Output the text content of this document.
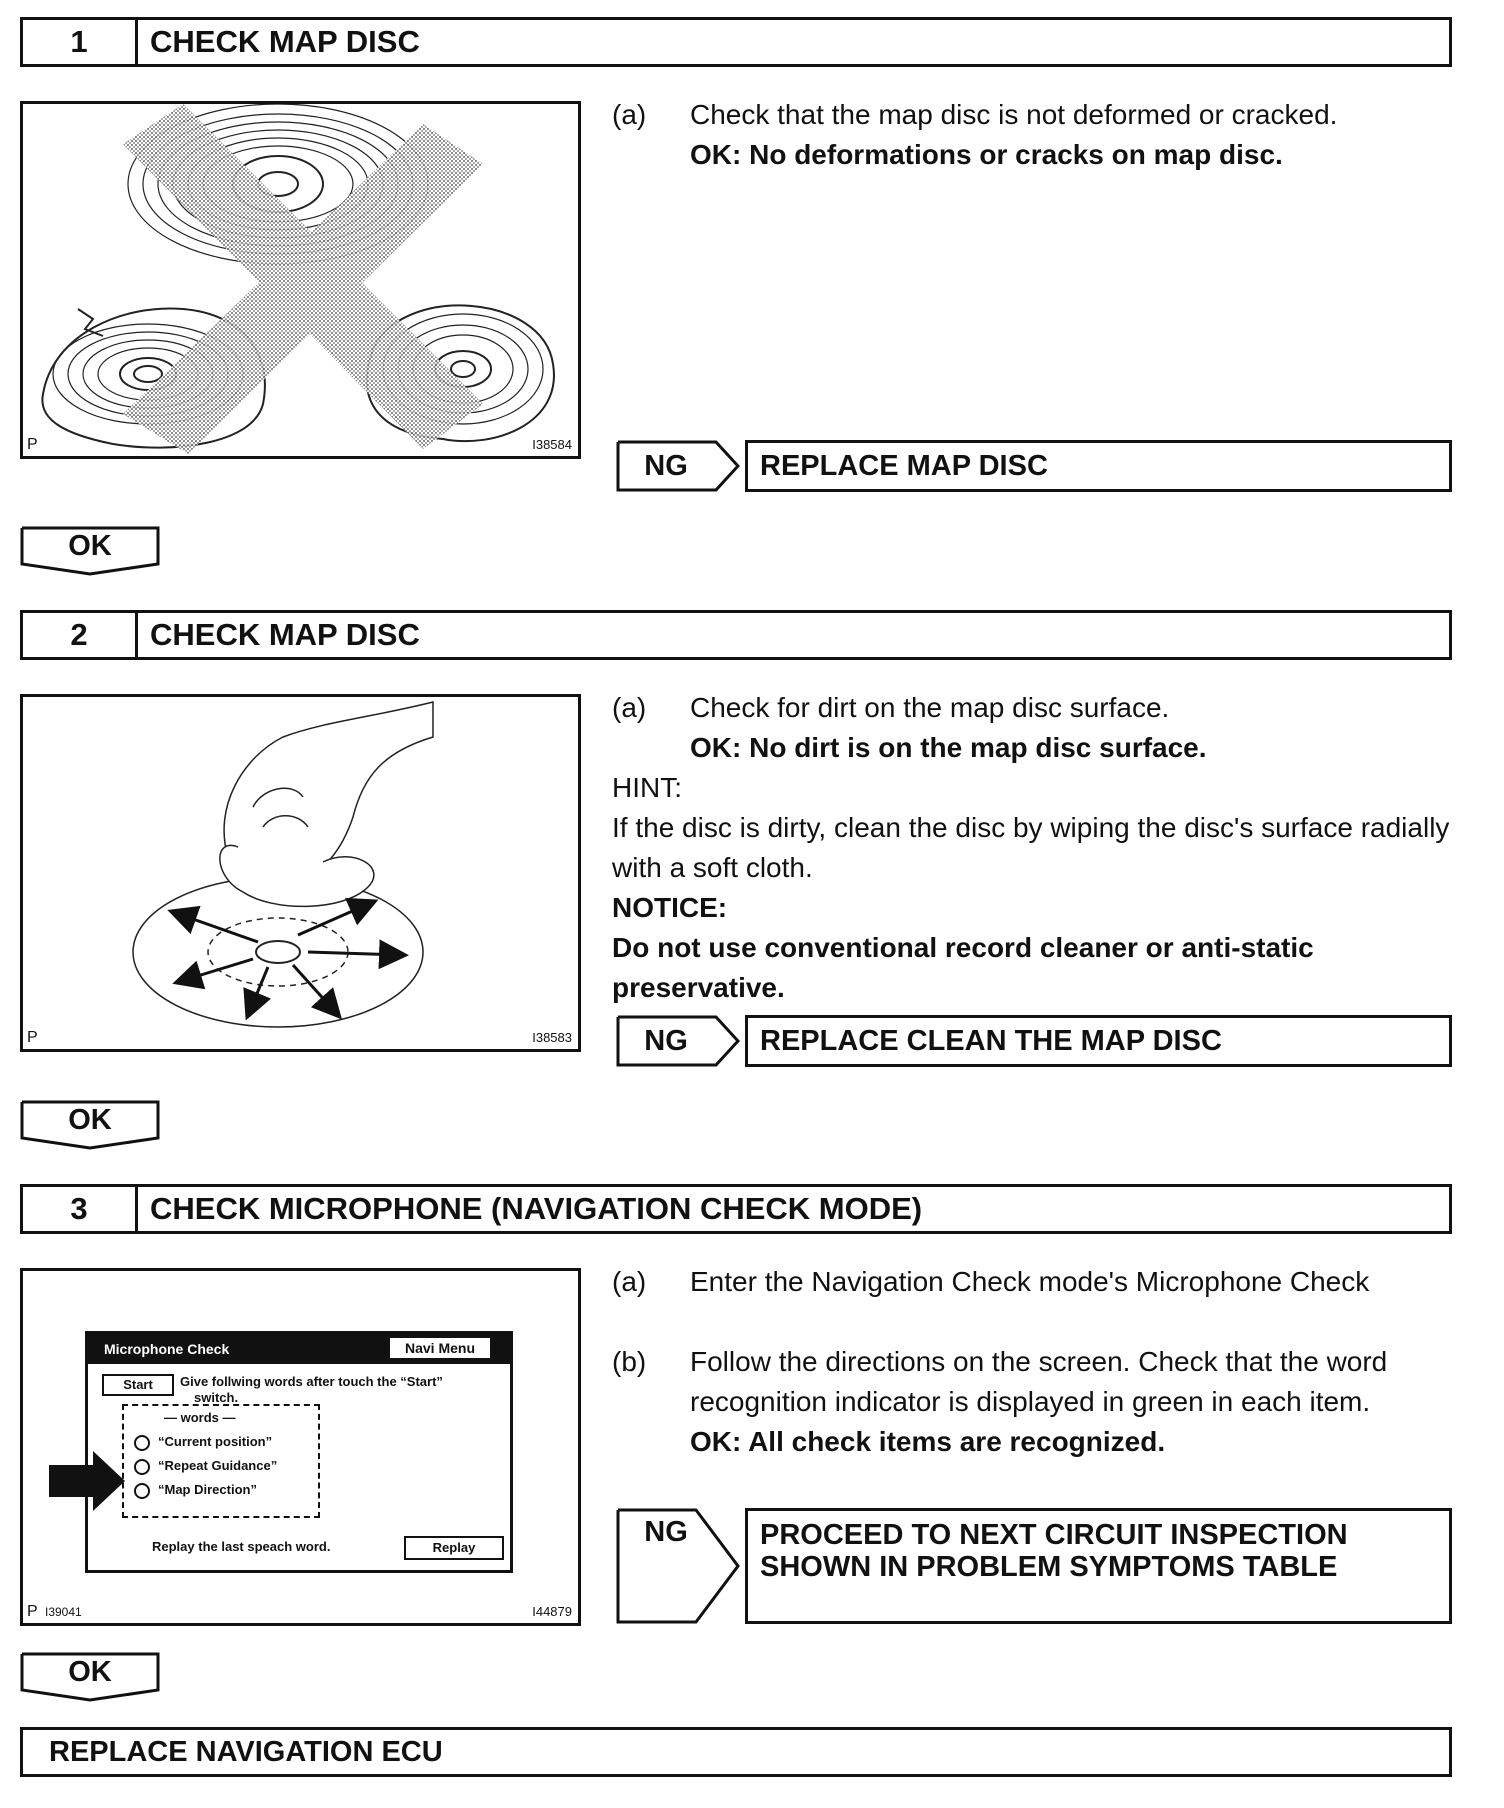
1	CHECK MAP DISC
P	I38584
(a)	Check that the map disc is not deformed or cracked.
OK: No deformations or cracks on map disc.
NG	REPLACE MAP DISC
OK
2	CHECK MAP DISC
P	I38583
(a)	Check for dirt on the map disc surface.
OK: No dirt is on the map disc surface.
HINT:
If the disc is dirty, clean the disc by wiping the disc's surface radially with a soft cloth.
NOTICE:
Do not use conventional record cleaner or anti-static preservative.
NG	REPLACE CLEAN THE MAP DISC
OK
3	CHECK MICROPHONE (NAVIGATION CHECK MODE)
Microphone Check	Navi Menu
Start	Give follwing words after touch the “Start”
switch.
— words —
“Current position”
“Repeat Guidance”
“Map Direction”
Replay the last speach word.	Replay
P I39041	I44879
(a)	Enter the Navigation Check mode's Microphone Check
(b)	Follow the directions on the screen. Check that the word recognition indicator is displayed in green in each item.
OK: All check items are recognized.
NG	PROCEED TO NEXT CIRCUIT INSPECTION
SHOWN IN PROBLEM SYMPTOMS TABLE
OK
REPLACE NAVIGATION ECU
